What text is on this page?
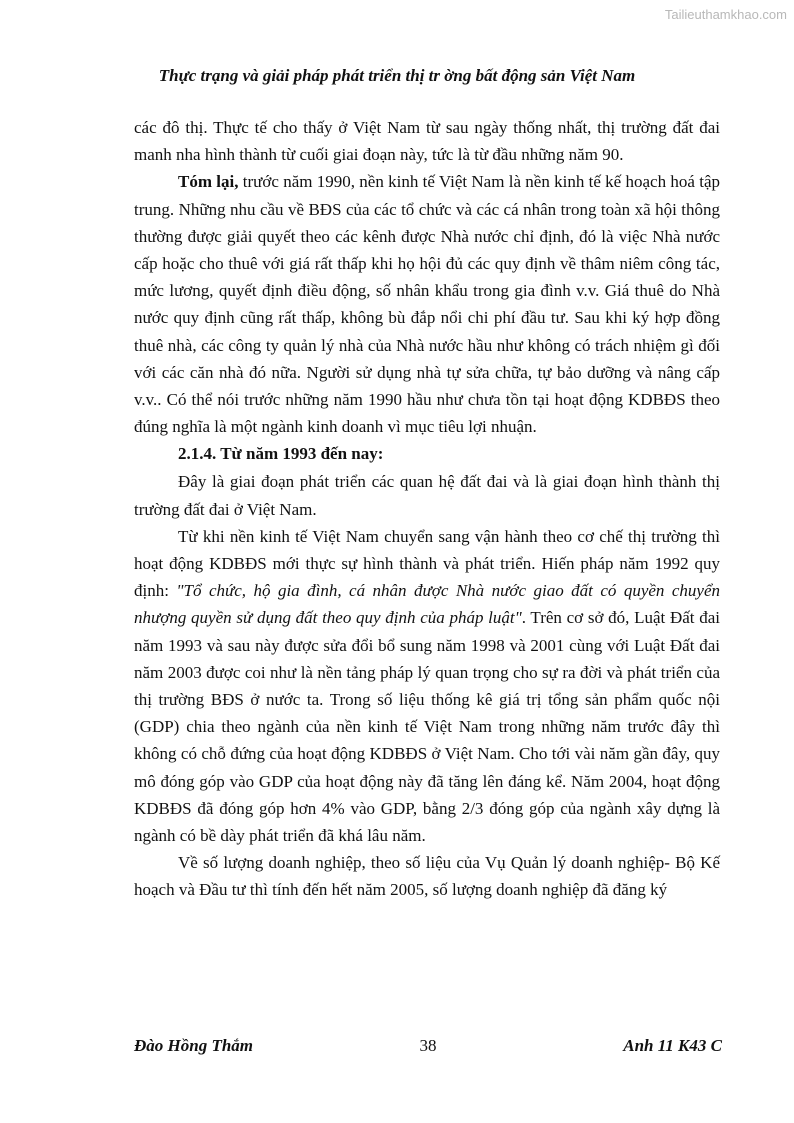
Tailieuthamkhao.com
Thực trạng và giải pháp phát triển thị tr ờng bất động sản Việt Nam

các đô thị. Thực tế cho thấy ở Việt Nam từ sau ngày thống nhất, thị trường đất đai manh nha hình thành từ cuối giai đoạn này, tức là từ đầu những năm 90.

Tóm lại, trước năm 1990, nền kinh tế Việt Nam là nền kinh tế kế hoạch hoá tập trung. Những nhu cầu về BĐS của các tổ chức và các cá nhân trong toàn xã hội thông thường được giải quyết theo các kênh được Nhà nước chỉ định, đó là việc Nhà nước cấp hoặc cho thuê với giá rất thấp khi họ hội đủ các quy định về thâm niêm công tác, mức lương, quyết định điều động, số nhân khẩu trong gia đình v.v. Giá thuê do Nhà nước quy định cũng rất thấp, không bù đắp nổi chi phí đầu tư. Sau khi ký hợp đồng thuê nhà, các công ty quản lý nhà của Nhà nước hầu như không có trách nhiệm gì đối với các căn nhà đó nữa. Người sử dụng nhà tự sửa chữa, tự bảo dưỡng và nâng cấp v.v.. Có thể nói trước những năm 1990 hầu như chưa tồn tại hoạt động KDBĐS theo đúng nghĩa là một ngành kinh doanh vì mục tiêu lợi nhuận.

2.1.4. Từ năm 1993 đến nay:

Đây là giai đoạn phát triển các quan hệ đất đai và là giai đoạn hình thành thị trường đất đai ở Việt Nam.

Từ khi nền kinh tế Việt Nam chuyển sang vận hành theo cơ chế thị trường thì hoạt động KDBĐS mới thực sự hình thành và phát triển. Hiến pháp năm 1992 quy định: "Tổ chức, hộ gia đình, cá nhân được Nhà nước giao đất có quyền chuyển nhượng quyền sử dụng đất theo quy định của pháp luật". Trên cơ sở đó, Luật Đất đai năm 1993 và sau này được sửa đổi bổ sung năm 1998 và 2001 cùng với Luật Đất đai năm 2003 được coi như là nền tảng pháp lý quan trọng cho sự ra đời và phát triển của thị trường BĐS ở nước ta. Trong số liệu thống kê giá trị tổng sản phẩm quốc nội (GDP) chia theo ngành của nền kinh tế Việt Nam trong những năm trước đây thì không có chỗ đứng của hoạt động KDBĐS ở Việt Nam. Cho tới vài năm gần đây, quy mô đóng góp vào GDP của hoạt động này đã tăng lên đáng kể. Năm 2004, hoạt động KDBĐS đã đóng góp hơn 4% vào GDP, bằng 2/3 đóng góp của ngành xây dựng là ngành có bề dày phát triển đã khá lâu năm.

Về số lượng doanh nghiệp, theo số liệu của Vụ Quản lý doanh nghiệp- Bộ Kế hoạch và Đầu tư thì tính đến hết năm 2005, số lượng doanh nghiệp đã đăng ký

Đào Hồng Thắm	38	Anh 11 K43 C
